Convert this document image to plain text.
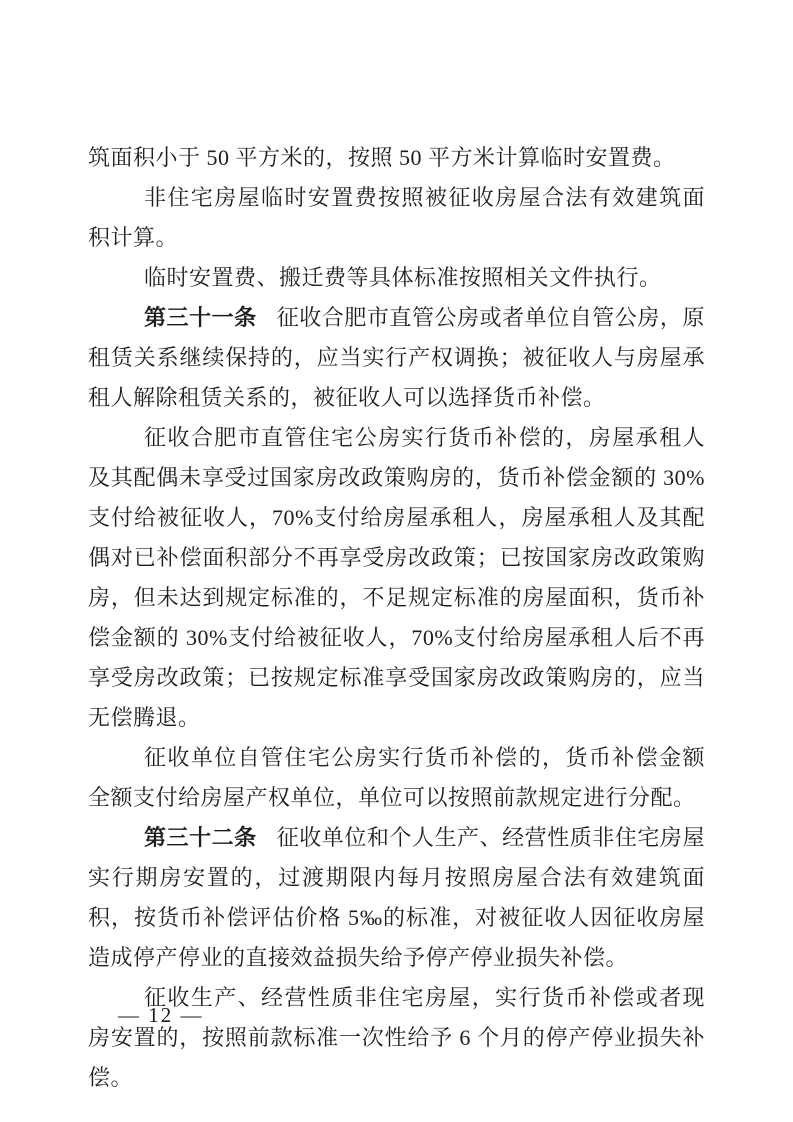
筑面积小于 50 平方米的，按照 50 平方米计算临时安置费。

非住宅房屋临时安置费按照被征收房屋合法有效建筑面积计算。

临时安置费、搬迁费等具体标准按照相关文件执行。

第三十一条 征收合肥市直管公房或者单位自管公房，原租赁关系继续保持的，应当实行产权调换；被征收人与房屋承租人解除租赁关系的，被征收人可以选择货币补偿。

征收合肥市直管住宅公房实行货币补偿的，房屋承租人及其配偶未享受过国家房改政策购房的，货币补偿金额的 30%支付给被征收人，70%支付给房屋承租人，房屋承租人及其配偶对已补偿面积部分不再享受房改政策；已按国家房改政策购房，但未达到规定标准的，不足规定标准的房屋面积，货币补偿金额的 30%支付给被征收人，70%支付给房屋承租人后不再享受房改政策；已按规定标准享受国家房改政策购房的，应当无偿腾退。

征收单位自管住宅公房实行货币补偿的，货币补偿金额全额支付给房屋产权单位，单位可以按照前款规定进行分配。

第三十二条 征收单位和个人生产、经营性质非住宅房屋实行期房安置的，过渡期限内每月按照房屋合法有效建筑面积，按货币补偿评估价格 5‰的标准，对被征收人因征收房屋造成停产停业的直接效益损失给予停产停业损失补偿。

征收生产、经营性质非住宅房屋，实行货币补偿或者现房安置的，按照前款标准一次性给予 6 个月的停产停业损失补偿。

— 12 —
